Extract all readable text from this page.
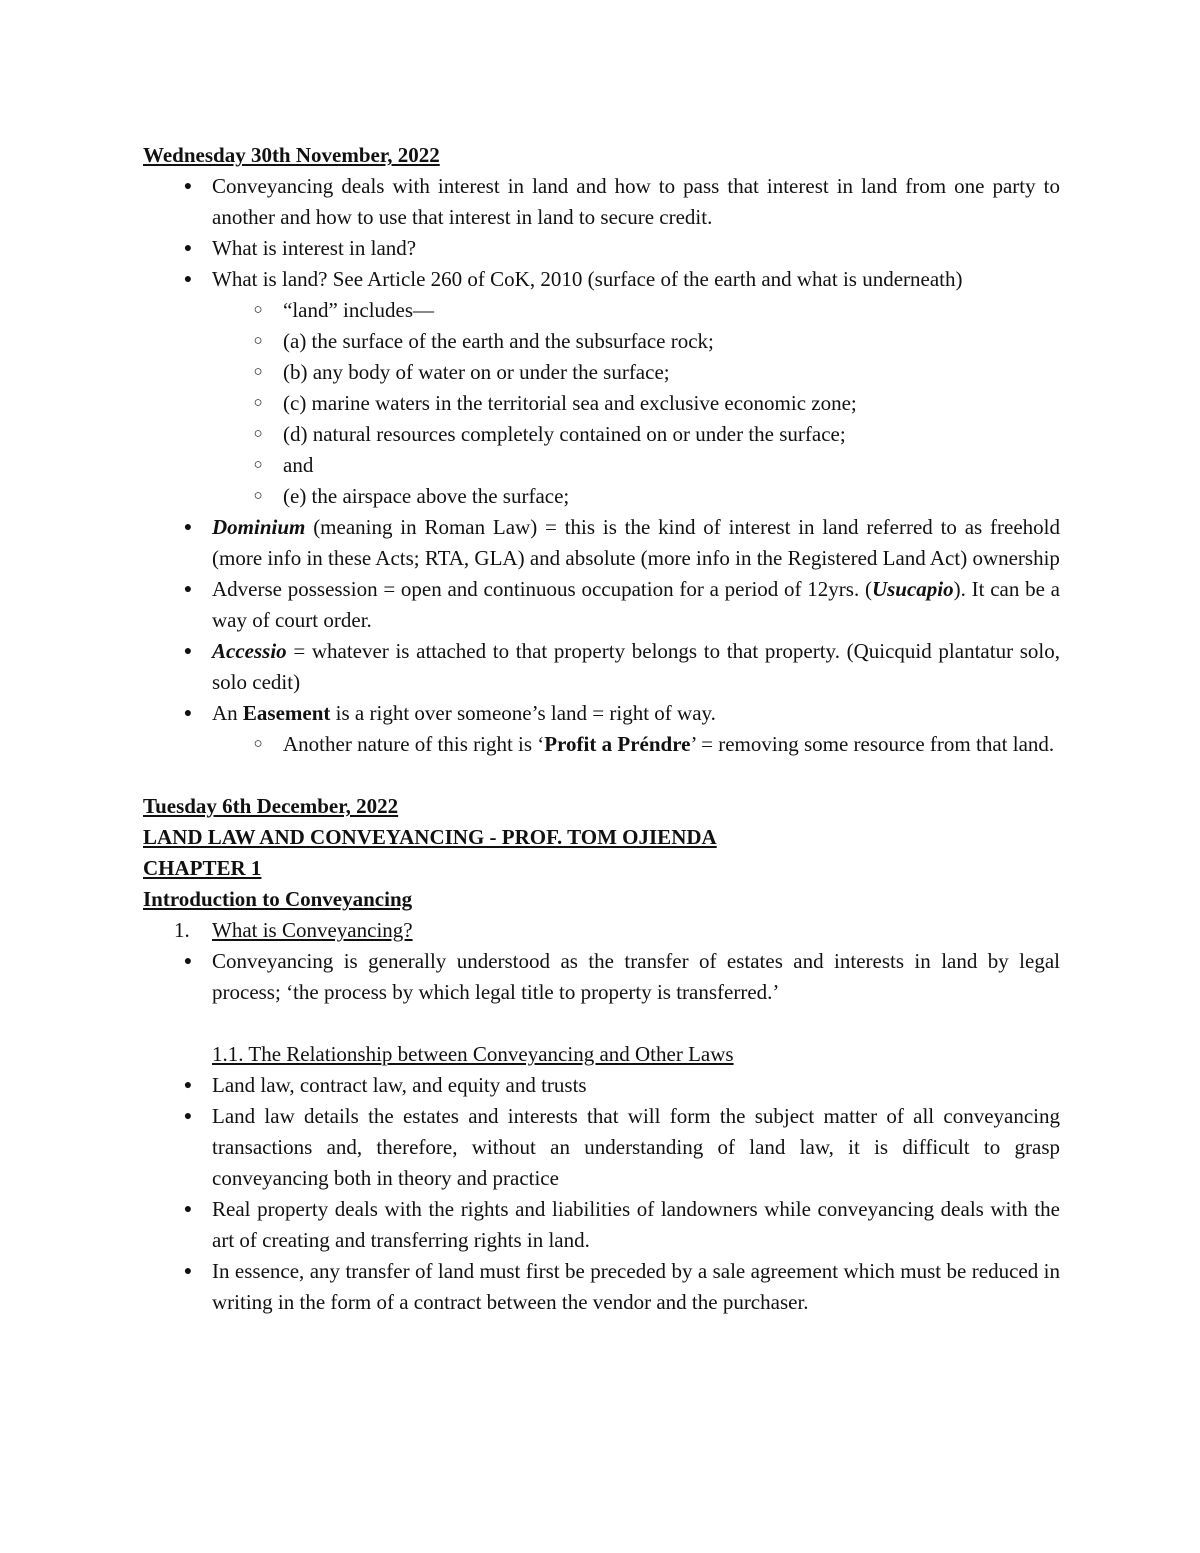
Wednesday 30th November, 2022
● Conveyancing deals with interest in land and how to pass that interest in land from one party to another and how to use that interest in land to secure credit.
● What is interest in land?
● What is land? See Article 260 of CoK, 2010 (surface of the earth and what is underneath)
○ “land” includes—
○ (a) the surface of the earth and the subsurface rock;
○ (b) any body of water on or under the surface;
○ (c) marine waters in the territorial sea and exclusive economic zone;
○ (d) natural resources completely contained on or under the surface;
○ and
○ (e) the airspace above the surface;
● Dominium (meaning in Roman Law) = this is the kind of interest in land referred to as freehold (more info in these Acts; RTA, GLA) and absolute (more info in the Registered Land Act) ownership
● Adverse possession = open and continuous occupation for a period of 12yrs. (Usucapio). It can be a way of court order.
● Accessio = whatever is attached to that property belongs to that property. (Quicquid plantatur solo, solo cedit)
● An Easement is a right over someone’s land = right of way.
○ Another nature of this right is ‘Profit a Préndre’ = removing some resource from that land.
Tuesday 6th December, 2022
LAND LAW AND CONVEYANCING - PROF. TOM OJIENDA
CHAPTER 1
Introduction to Conveyancing
1.	What is Conveyancing?
● Conveyancing is generally understood as the transfer of estates and interests in land by legal process; ‘the process by which legal title to property is transferred.’
1.1. The Relationship between Conveyancing and Other Laws
● Land law, contract law, and equity and trusts
● Land law details the estates and interests that will form the subject matter of all conveyancing transactions and, therefore, without an understanding of land law, it is difficult to grasp conveyancing both in theory and practice
● Real property deals with the rights and liabilities of landowners while conveyancing deals with the art of creating and transferring rights in land.
● In essence, any transfer of land must first be preceded by a sale agreement which must be reduced in writing in the form of a contract between the vendor and the purchaser.
